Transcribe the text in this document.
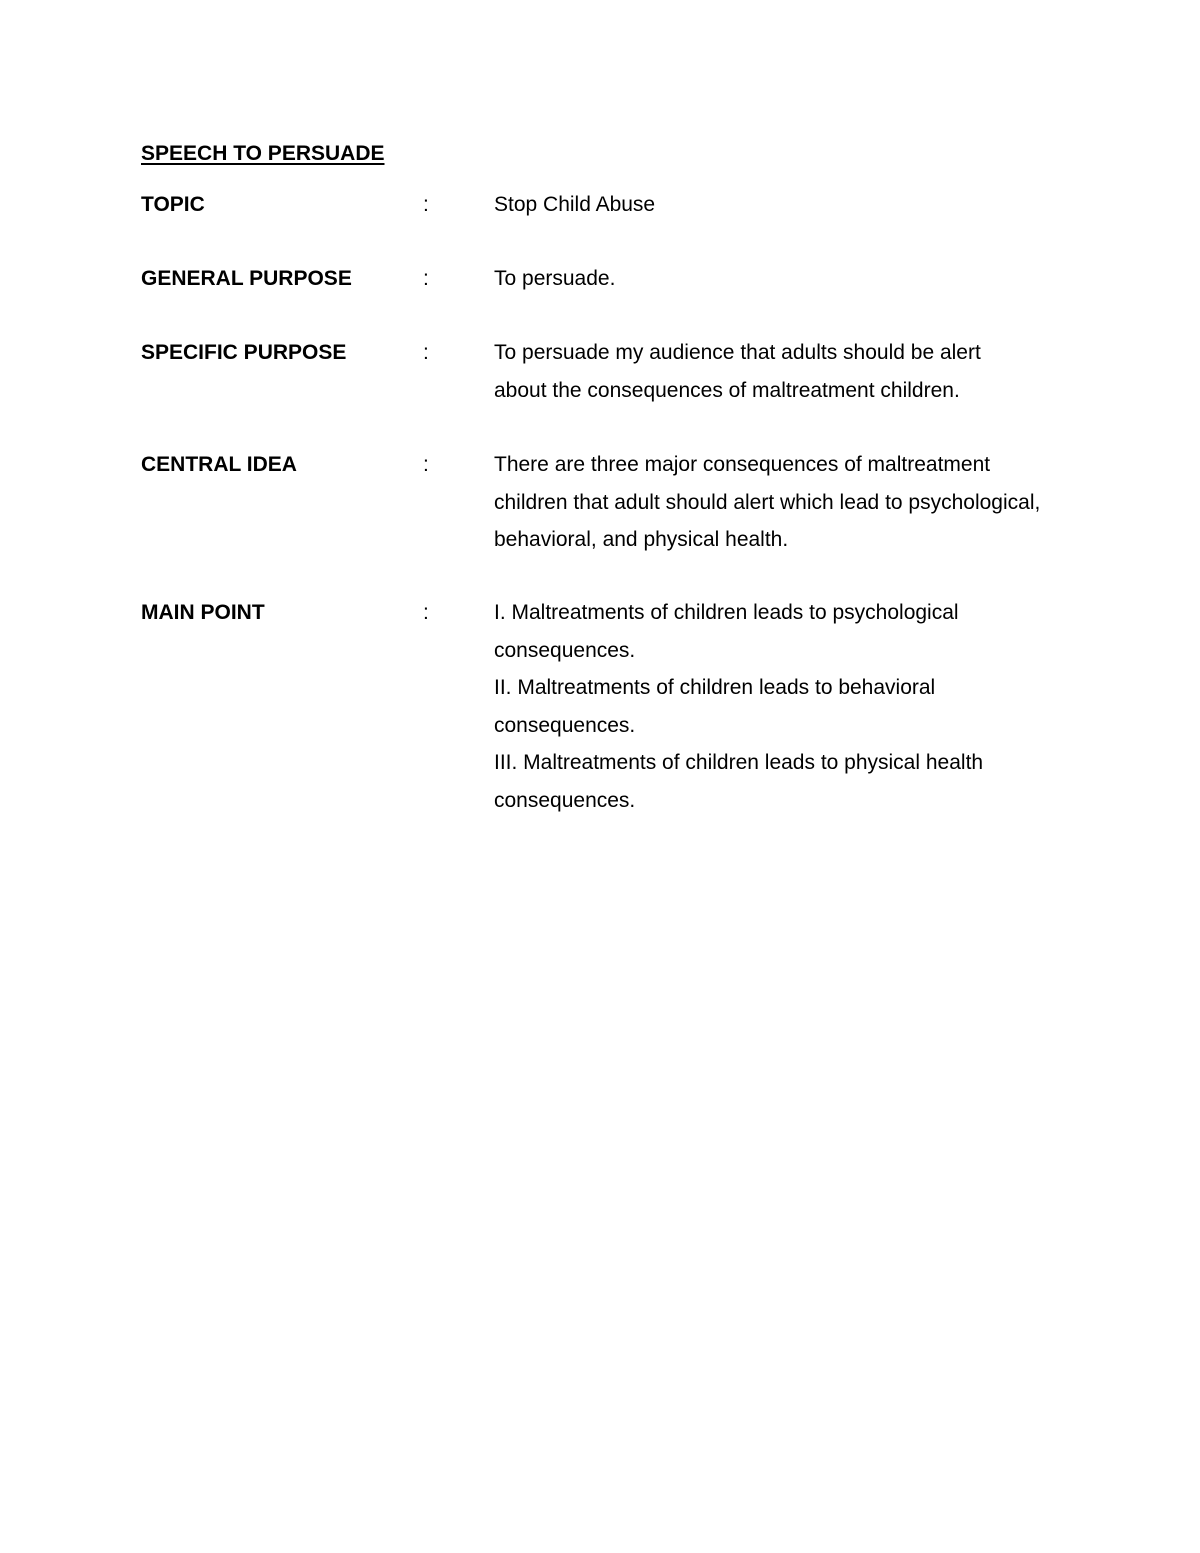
SPEECH TO PERSUADE
TOPIC	:	Stop Child Abuse
GENERAL PURPOSE	:	To persuade.
SPECIFIC PURPOSE	:	To persuade my audience that adults should be alert
about the consequences of maltreatment children.
CENTRAL IDEA	:	There are three major consequences of maltreatment
children that adult should alert which lead to psychological,
behavioral, and physical health.
MAIN POINT	:	I. Maltreatments of children leads to psychological
consequences.
II. Maltreatments of children leads to behavioral
consequences.
III. Maltreatments of children leads to physical health
consequences.
